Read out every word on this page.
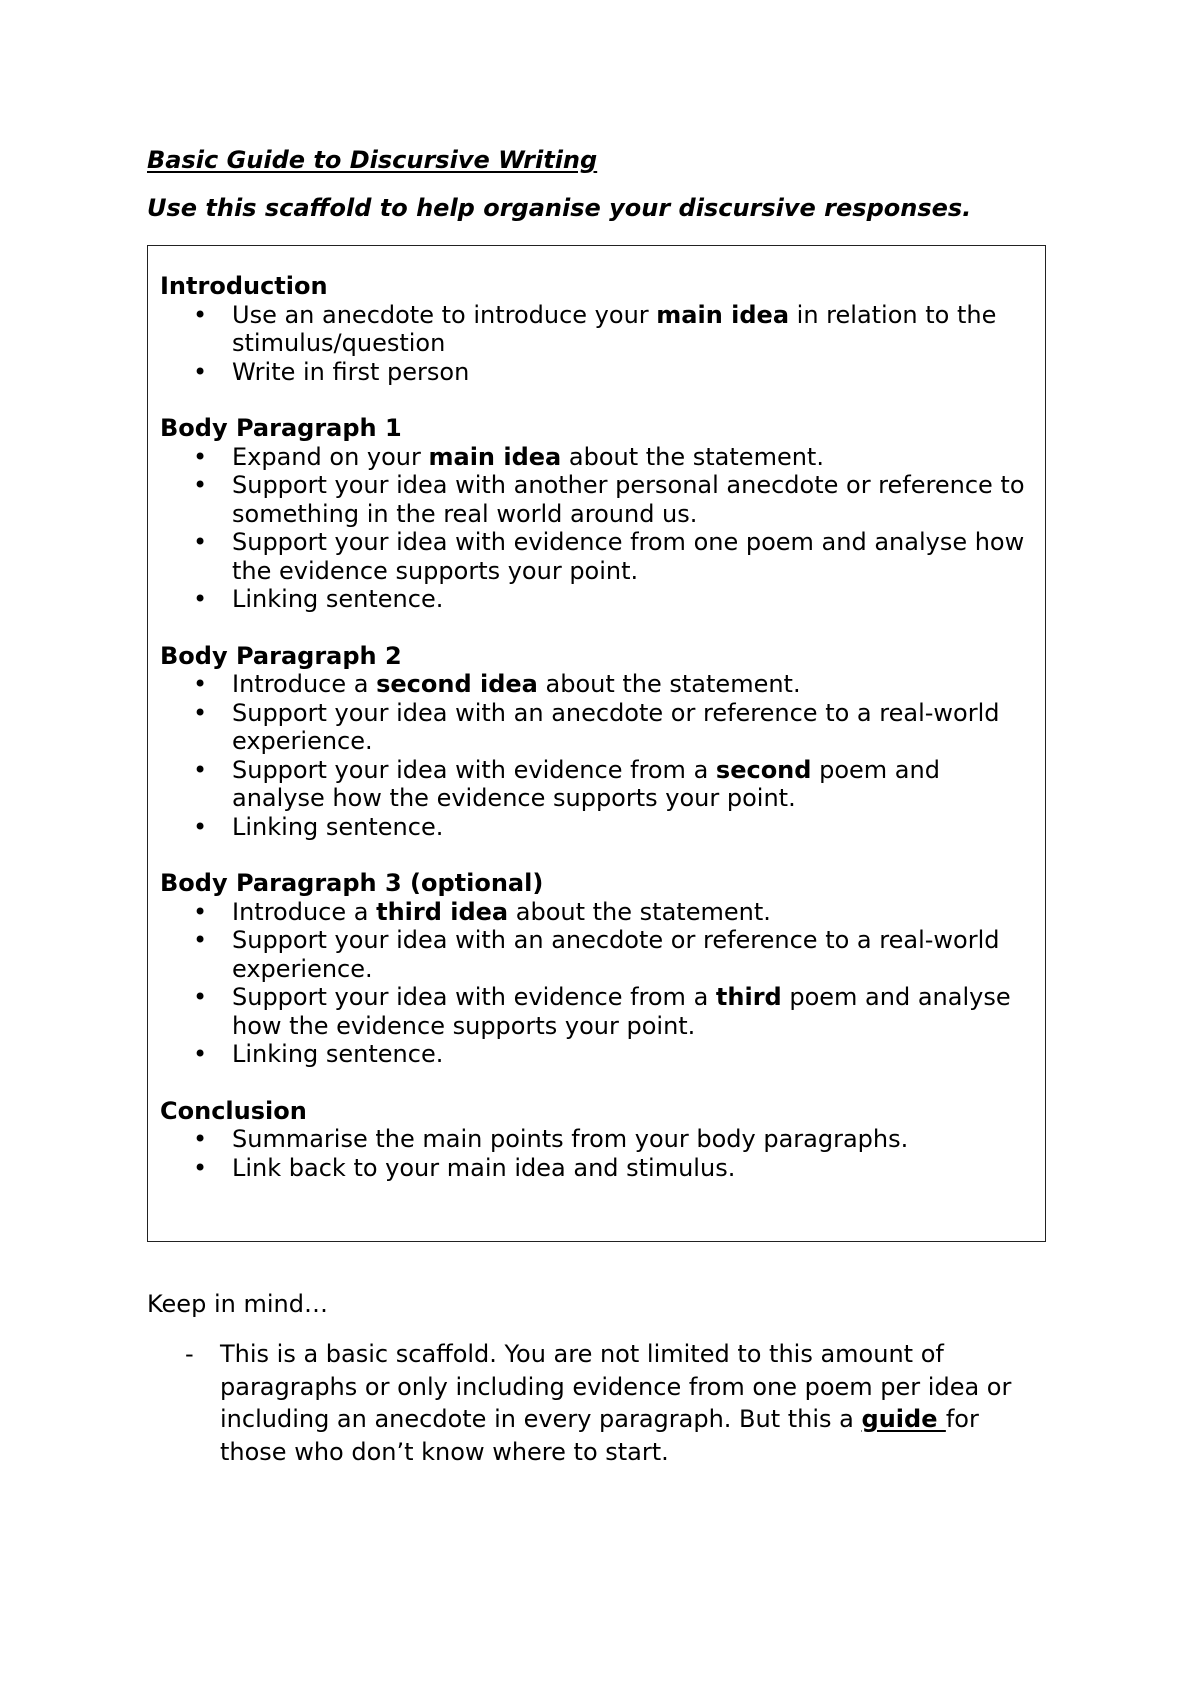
Basic Guide to Discursive Writing
Use this scaffold to help organise your discursive responses.
Introduction
• Use an anecdote to introduce your main idea in relation to the stimulus/question
• Write in first person
Body Paragraph 1
• Expand on your main idea about the statement.
• Support your idea with another personal anecdote or reference to something in the real world around us.
• Support your idea with evidence from one poem and analyse how the evidence supports your point.
• Linking sentence.
Body Paragraph 2
• Introduce a second idea about the statement.
• Support your idea with an anecdote or reference to a real-world experience.
• Support your idea with evidence from a second poem and analyse how the evidence supports your point.
• Linking sentence.
Body Paragraph 3 (optional)
• Introduce a third idea about the statement.
• Support your idea with an anecdote or reference to a real-world experience.
• Support your idea with evidence from a third poem and analyse how the evidence supports your point.
• Linking sentence.
Conclusion
• Summarise the main points from your body paragraphs.
• Link back to your main idea and stimulus.

Keep in mind…

- This is a basic scaffold. You are not limited to this amount of paragraphs or only including evidence from one poem per idea or including an anecdote in every paragraph. But this a guide for those who don’t know where to start.
